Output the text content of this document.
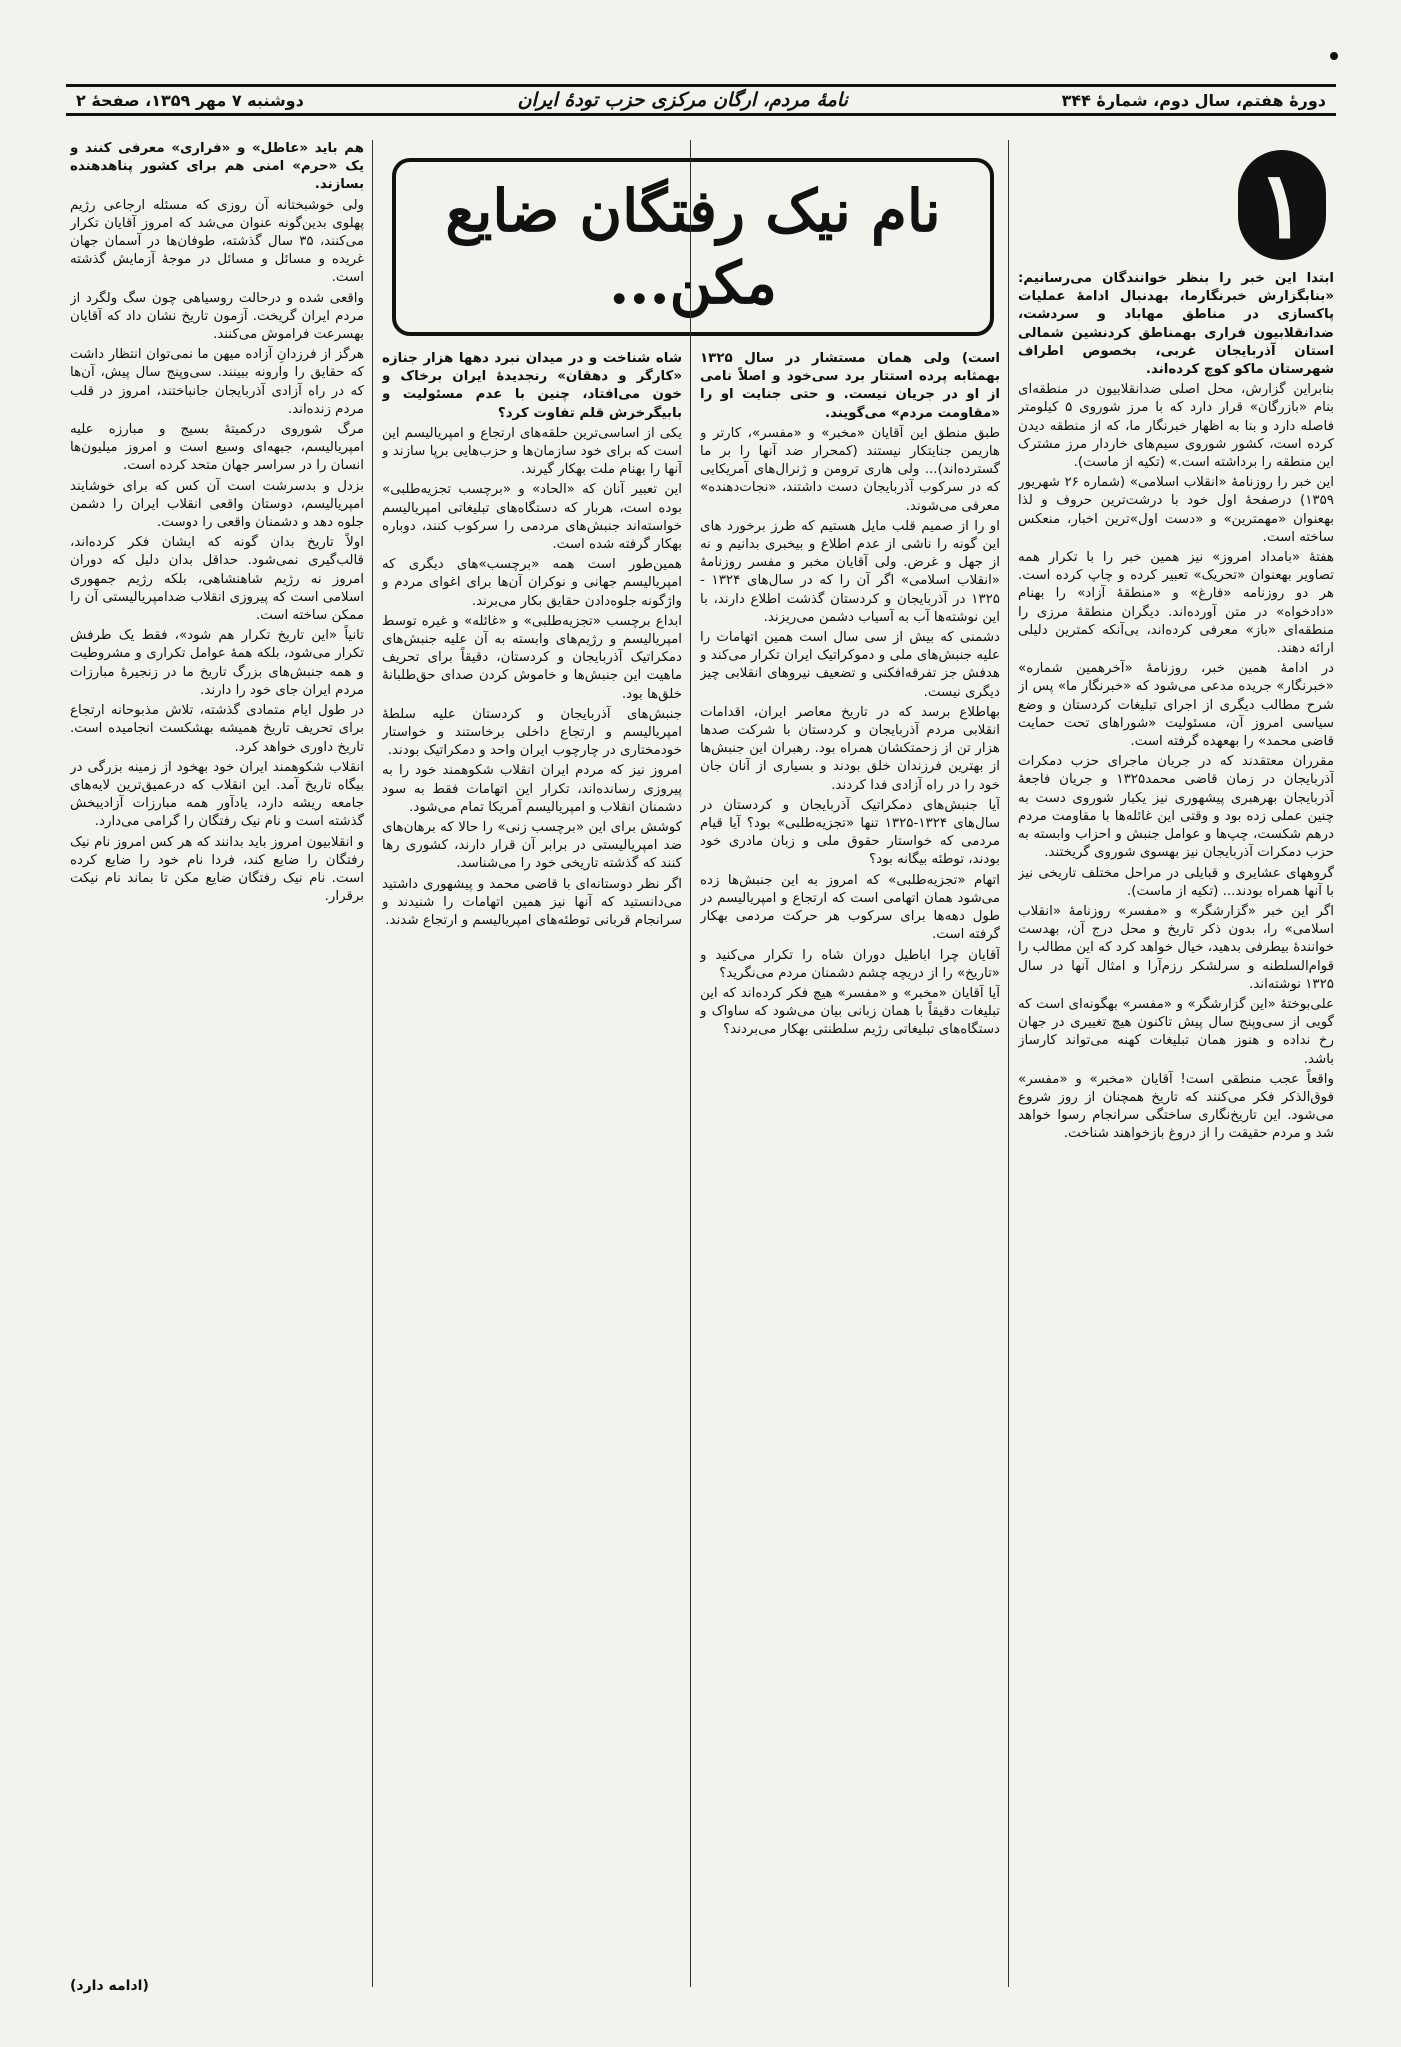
دورهٔ هفتم، سال دوم، شمارهٔ ۳۴۴
نامهٔ مردم، ارگان مرکزی حزب تودهٔ ایران
دوشنبه ۷ مهر ۱۳۵۹، صفحهٔ ۲
۱
نام نیک رفتگان ضایع
مکن...	ابتدا این خبر را بنظر خوانندگان می‌رسانیم: «بنابگزارش خبرنگارما، بهدنبال ادامهٔ عملیات پاکسازی در مناطق مهاباد و سردشت، ضدانقلابیون فراری بهمناطق کردنشین شمالی استان آذربایجان غربی، بخصوص اطراف شهرستان ماکو کوچ کرده‌اند.

بنابراین گزارش، محل اصلی ضدانقلابیون در منطقه‌ای بنام «بازرگان» قرار دارد که با مرز شوروی ۵ کیلومتر فاصله دارد و بنا به اظهار خبرنگار ما، که از منطقه دیدن کرده است، کشور شوروی سیم‌های خاردار مرز مشترک این منطقه را برداشته است.» (تکیه از ماست).

این خبر را روزنامهٔ «انقلاب اسلامی» (شماره ۲۶ شهریور ۱۳۵۹) درصفحهٔ اول خود با درشت‌ترین حروف و لذا بهعنوان «مهمترین» و «دست اول»ترین اخبار، منعکس ساخته است.

هفتهٔ «بامداد امروز» نیز همین خبر را با تکرار همه تصاویر بهعنوان «تحریک» تعبیر کرده و چاپ کرده است. هر دو روزنامه «فارغ» و «منطقهٔ آزاد» را بهنام «دادخواه» در متن آورده‌اند. دیگران منطقهٔ مرزی را منطقه‌ای «باز» معرفی کرده‌اند، بی‌آنکه کمترین دلیلی ارائه دهند.

در ادامهٔ همین خبر، روزنامهٔ «آخرهمین شماره» «خبرنگار» جریده مدعی می‌شود که «خبرنگار ما» پس از شرح مطالب دیگری از اجرای تبلیغات کردستان و وضع سیاسی امروز آن، مسئولیت «شوراهای تحت حمایت قاضی محمد» را بهعهده گرفته است.

مقرران معتقدند که در جریان ماجرای حزب دمکرات آذربایجان در زمان قاضی محمد۱۳۲۵ و جریان فاجعهٔ آذربایجان بهرهبری پیشهوری نیز یکبار شوروی دست به چنین عملی زده بود و وقتی این غائله‌ها با مقاومت مردم درهم شکست، چپ‌ها و عوامل جنبش و احزاب وابسته به حزب دمکرات آذربایجان نیز بهسوی شوروی گریختند.

گروههای عشایری و قبایلی در مراحل مختلف تاریخی نیز با آنها همراه بودند... (تکیه از ماست).

اگر این خبر «گزارشگر» و «مفسر» روزنامهٔ «انقلاب اسلامی» را، بدون ذکر تاریخ و محل درج آن، بهدست خوانندهٔ بیطرفی بدهید، خیال خواهد کرد که این مطالب را قوام‌السلطنه و سرلشکر رزم‌آرا و امثال آنها در سال ۱۳۲۵ نوشته‌اند.

علی‌بوختهٔ «این گزارشگر» و «مفسر» بهگونه‌ای است که گویی از سی‌وپنج سال پیش تاکنون هیچ تغییری در جهان رخ نداده و هنوز همان تبلیغات کهنه می‌تواند کارساز باشد.

واقعاً عجب منطقی است! آقایان «مخبر» و «مفسر» فوق‌الذکر فکر می‌کنند که تاریخ همچنان از روز شروع می‌شود. این تاریخ‌نگاری ساختگی سرانجام رسوا خواهد شد و مردم حقیقت را از دروغ بازخواهند شناخت.

است) ولی همان مستشار در سال ۱۳۲۵ بهمثابه پرده استتار برد سی‌خود و اصلاً نامی از او در جریان نیست. و حتی جنایت او را «مقاومت مردم» می‌گویند.

طبق منطق این آقایان «مخبر» و «مفسر»، کارتر و هاریمن جنایتکار نیستند (کمحرار ضد آنها را بر ما گسترده‌اند)... ولی هاری ترومن و ژنرال‌های آمریکایی که در سرکوب آذربایجان دست داشتند، «نجات‌دهنده» معرفی می‌شوند.

او را از صمیم قلب مایل هستیم که طرز برخورد های این گونه را ناشی از عدم اطلاع و بیخبری بدانیم و نه از جهل و غرض. ولی آقایان مخبر و مفسر روزنامهٔ «انقلاب اسلامی» اگر آن را که در سال‌های ۱۳۲۴ - ۱۳۲۵ در آذربایجان و کردستان گذشت اطلاع دارند، با این نوشته‌ها آب به آسیاب دشمن می‌ریزند.

دشمنی که بیش از سی سال است همین اتهامات را علیه جنبش‌های ملی و دموکراتیک ایران تکرار می‌کند و هدفش جز تفرقه‌افکنی و تضعیف نیروهای انقلابی چیز دیگری نیست.

بهاطلاع برسد که در تاریخ معاصر ایران، اقدامات انقلابی مردم آذربایجان و کردستان با شرکت صدها هزار تن از زحمتکشان همراه بود. رهبران این جنبش‌ها از بهترین فرزندان خلق بودند و بسیاری از آنان جان خود را در راه آزادی فدا کردند.

آیا جنبش‌های دمکراتیک آذربایجان و کردستان در سال‌های ۱۳۲۴-۱۳۲۵ تنها «تجزیه‌طلبی» بود؟ آیا قیام مردمی که خواستار حقوق ملی و زبان مادری خود بودند، توطئه بیگانه بود؟

اتهام «تجزیه‌طلبی» که امروز به این جنبش‌ها زده می‌شود همان اتهامی است که ارتجاع و امپریالیسم در طول دهه‌ها برای سرکوب هر حرکت مردمی بهکار گرفته است.

آقایان چرا اباطیل دوران شاه را تکرار می‌کنید و «تاریخ» را از دریچه چشم دشمنان مردم می‌نگرید؟

آیا آقایان «مخبر» و «مفسر» هیچ فکر کرده‌اند که این تبلیغات دقیقاً با همان زبانی بیان می‌شود که ساواک و دستگاه‌های تبلیغاتی رژیم سلطنتی بهکار می‌بردند؟

شاه شناخت و در میدان نبرد دهها هزار جنازه «کارگر و دهقان» رنجدیدهٔ ایران برخاک و خون می‌افتاد، چنین با عدم مسئولیت و بابیگرخرش قلم تفاوت کرد؟

یکی از اساسی‌ترین حلقه‌های ارتجاع و امپریالیسم این است که برای خود سازمان‌ها و حزب‌هایی برپا سازند و آنها را بهنام ملت بهکار گیرند.

این تعبیر آنان که «الحاد» و «برچسب تجزیه‌طلبی» بوده است، هربار که دستگاه‌های تبلیغاتی امپریالیسم خواسته‌اند جنبش‌های مردمی را سرکوب کنند، دوباره بهکار گرفته شده است.

همین‌طور است همه «برچسب»‌های دیگری که امپریالیسم جهانی و نوکران آن‌ها برای اغوای مردم و واژگونه جلوه‌دادن حقایق بکار می‌برند.

ابداع برچسب «تجزیه‌طلبی» و «غائله» و غیره توسط امپریالیسم و رژیم‌های وابسته به آن علیه جنبش‌های دمکراتیک آذربایجان و کردستان، دقیقاً برای تحریف ماهیت این جنبش‌ها و خاموش کردن صدای حق‌طلبانهٔ خلق‌ها بود.

جنبش‌های آذربایجان و کردستان علیه سلطهٔ امپریالیسم و ارتجاع داخلی برخاستند و خواستار خودمختاری در چارچوب ایران واحد و دمکراتیک بودند.

امروز نیز که مردم ایران انقلاب شکوهمند خود را به پیروزی رسانده‌اند، تکرار این اتهامات فقط به سود دشمنان انقلاب و امپریالیسم آمریکا تمام می‌شود.

کوشش برای این «برچسب زنی» را حالا که برهان‌های ضد امپریالیستی در برابر آن قرار دارند، کشوری رها کنند که گذشته تاریخی خود را می‌شناسد.

اگر نظر دوستانه‌ای با قاضی محمد و پیشهوری داشتید می‌دانستید که آنها نیز همین اتهامات را شنیدند و سرانجام قربانی توطئه‌های امپریالیسم و ارتجاع شدند.

هم باید «عاطل» و «فراری» معرفی کنند و یک «حرم» امنی هم برای کشور پناهدهنده بسازند.

ولی خوشبختانه آن روزی که مسئله ارجاعی رژیم پهلوی بدین‌گونه عنوان می‌شد که امروز آقایان تکرار می‌کنند، ۳۵ سال گذشته، طوفان‌ها در آسمان جهان غریده و مسائل و مسائل در موجهٔ آزمایش گذشته است.

واقعی شده و درحالت روسیاهی چون سگ ولگرد از مردم ایران گریخت. آزمون تاریخ نشان داد که آقایان بهسرعت فراموش می‌کنند.

هرگز از فرزدانِ آزاده میهن ما نمی‌توان انتظار داشت که حقایق را وارونه ببینند. سی‌وپنج سال پیش، آن‌ها که در راه آزادی آذربایجان جانباختند، امروز در قلب مردم زنده‌اند.

مرگ شوروی درکمیتهٔ بسیج و مبارزه علیه امپریالیسم، جبهه‌ای وسیع است و امروز میلیون‌ها انسان را در سراسر جهان متحد کرده است.

بزدل و بدسرشت است آن کس که برای خوشایند امپریالیسم، دوستان واقعی انقلاب ایران را دشمن جلوه دهد و دشمنان واقعی را دوست.

اولاً تاریخ بدان گونه که ایشان فکر کرده‌اند، قالب‌گیری نمی‌شود. حداقل بدان دلیل که دوران امروز نه رژیم شاهنشاهی، بلکه رژیم جمهوری اسلامی است که پیروزی انقلاب ضدامپریالیستی آن را ممکن ساخته است.

تانیاً «این تاریخ تکرار هم شود»، فقط یک طرفش تکرار می‌شود، بلکه همهٔ عوامل تکراری و مشروطیت و همه جنبش‌های بزرگ تاریخ ما در زنجیرهٔ مبارزات مردم ایران جای خود را دارند.

در طول ایام متمادی گذشته، تلاش مذبوحانه ارتجاع برای تحریف تاریخ همیشه بهشکست انجامیده است. تاریخ داوری خواهد کرد.

انقلاب شکوهمند ایران خود بهخود از زمینه بزرگی در بیگاه تاریخ آمد. این انقلاب که درعمیق‌ترین لایه‌های جامعه ریشه دارد، یادآور همه مبارزات آزادیبخش گذشته است و نام نیک رفتگان را گرامی می‌دارد.

و انقلابیون امروز باید بدانند که هر کس امروز نام نیک رفتگان را ضایع کند، فردا نام خود را ضایع کرده است. نام نیک رفتگان ضایع مکن تا بماند نام نیکت برقرار.

(ادامه دارد)
